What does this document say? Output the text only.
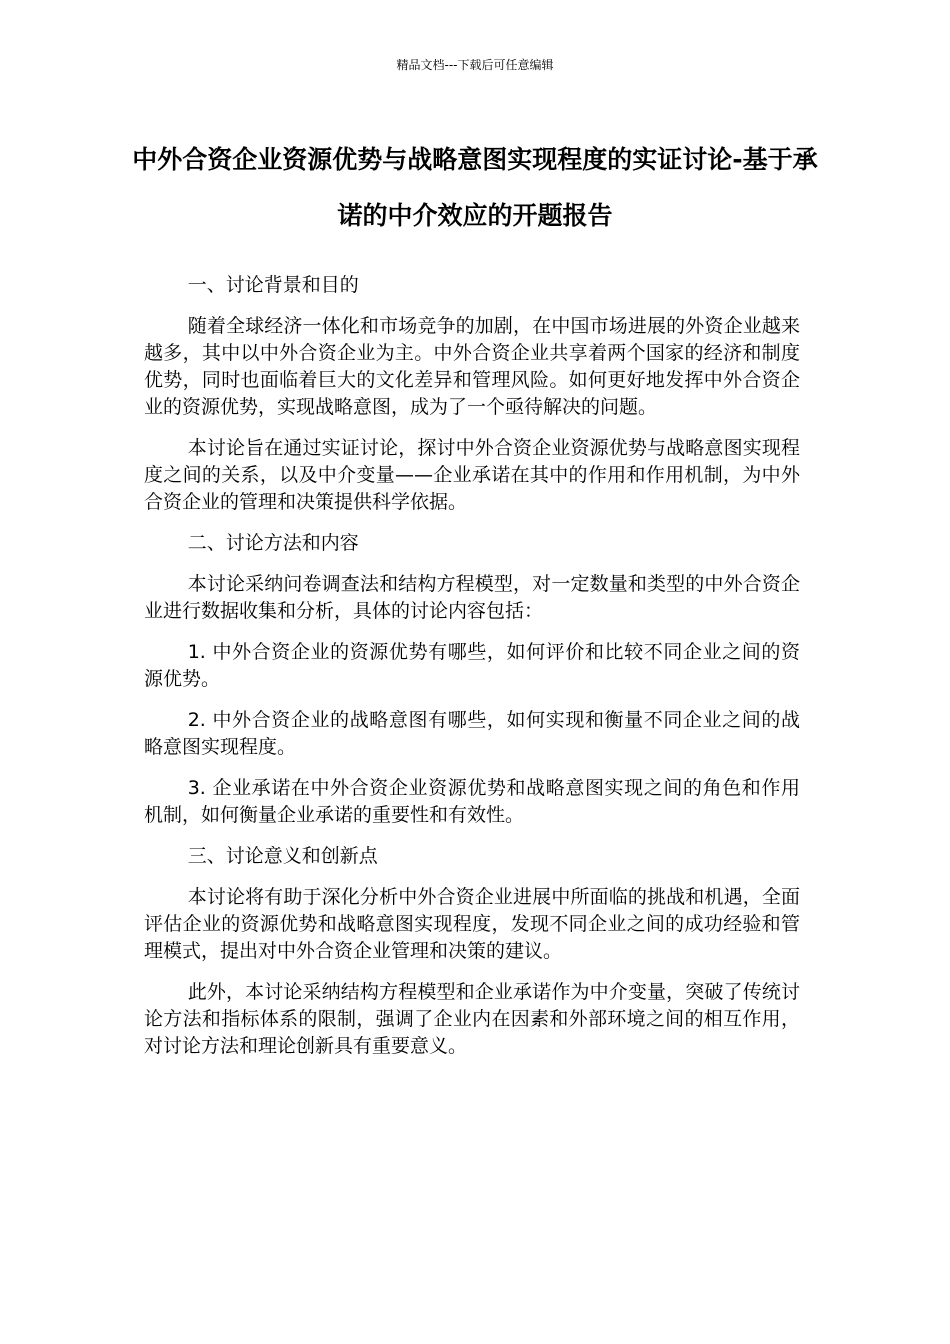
精品文档---下载后可任意编辑
中外合资企业资源优势与战略意图实现程度的实证讨论-基于承诺的中介效应的开题报告

一、讨论背景和目的

随着全球经济一体化和市场竞争的加剧，在中国市场进展的外资企业越来越多，其中以中外合资企业为主。中外合资企业共享着两个国家的经济和制度优势，同时也面临着巨大的文化差异和管理风险。如何更好地发挥中外合资企业的资源优势，实现战略意图，成为了一个亟待解决的问题。

本讨论旨在通过实证讨论，探讨中外合资企业资源优势与战略意图实现程度之间的关系，以及中介变量——企业承诺在其中的作用和作用机制，为中外合资企业的管理和决策提供科学依据。

二、讨论方法和内容

本讨论采纳问卷调查法和结构方程模型，对一定数量和类型的中外合资企业进行数据收集和分析，具体的讨论内容包括：

1. 中外合资企业的资源优势有哪些，如何评价和比较不同企业之间的资源优势。

2. 中外合资企业的战略意图有哪些，如何实现和衡量不同企业之间的战略意图实现程度。

3. 企业承诺在中外合资企业资源优势和战略意图实现之间的角色和作用机制，如何衡量企业承诺的重要性和有效性。

三、讨论意义和创新点

本讨论将有助于深化分析中外合资企业进展中所面临的挑战和机遇，全面评估企业的资源优势和战略意图实现程度，发现不同企业之间的成功经验和管理模式，提出对中外合资企业管理和决策的建议。

此外，本讨论采纳结构方程模型和企业承诺作为中介变量，突破了传统讨论方法和指标体系的限制，强调了企业内在因素和外部环境之间的相互作用，对讨论方法和理论创新具有重要意义。
